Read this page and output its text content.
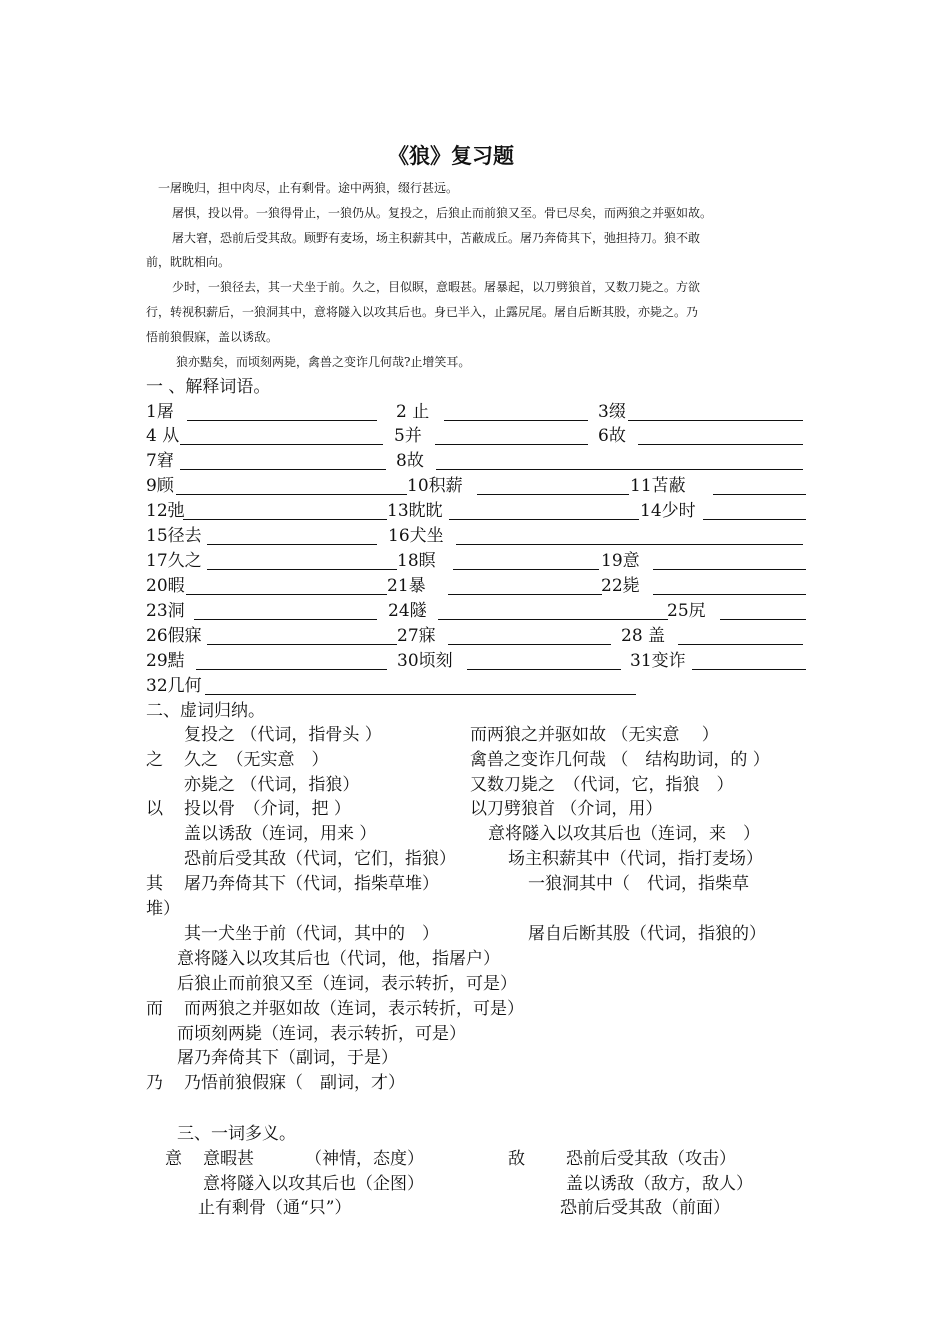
《狼》复习题
一屠晚归，担中肉尽，止有剩骨。途中两狼，缀行甚远。
屠惧，投以骨。一狼得骨止，一狼仍从。复投之，后狼止而前狼又至。骨已尽矣，而两狼之并驱如故。
屠大窘，恐前后受其敌。顾野有麦场，场主积薪其中，苫蔽成丘。屠乃奔倚其下，弛担持刀。狼不敢
前，眈眈相向。
少时，一狼径去，其一犬坐于前。久之，目似瞑，意暇甚。屠暴起，以刀劈狼首，又数刀毙之。方欲
行，转视积薪后，一狼洞其中，意将隧入以攻其后也。身已半入，止露尻尾。屠自后断其股，亦毙之。乃
悟前狼假寐，盖以诱敌。
狼亦黠矣，而顷刻两毙，禽兽之变诈几何哉?止增笑耳。
一 、解释词语。
1屠	2 止	3缀
4 从	5并	6故
7窘	8故
9顾	10积薪	11苫蔽
12弛	13眈眈	14少时
15径去	16犬坐
17久之	18瞑	19意
20暇	21暴	22毙
23洞	24隧	25尻
26假寐	27寐	28 盖
29黠	30顷刻	31变诈
32几何
二、虚词归纳。
复投之 （代词，指骨头 ）	而两狼之并驱如故 （无实意　 ）
之 久之　（无实意　）	禽兽之变诈几何哉 （　结构助词，的 ）
亦毙之 （代词，指狼）	又数刀毙之　（代词，它，指狼　）
以 投以骨　（介词，把 ）	以刀劈狼首 （介词，用）
盖以诱敌（连词，用来 ）	意将隧入以攻其后也（连词，来　）
恐前后受其敌（代词，它们，指狼）	场主积薪其中（代词，指打麦场）
其 屠乃奔倚其下（代词，指柴草堆）	一狼洞其中（　代词，指柴草
堆）
其一犬坐于前（代词，其中的　）	屠自后断其股（代词，指狼的）
意将隧入以攻其后也（代词，他，指屠户）
后狼止而前狼又至（连词，表示转折，可是）
而 而两狼之并驱如故（连词，表示转折，可是）
而顷刻两毙（连词，表示转折，可是）
屠乃奔倚其下（副词，于是）
乃 乃悟前狼假寐（　副词，才）
三、一词多义。
意 意暇甚	（神情，态度）	敌 恐前后受其敌（攻击）
意将隧入以攻其后也（企图）	盖以诱敌（敌方，敌人）
止有剩骨（通“只”）	恐前后受其敌（前面）
